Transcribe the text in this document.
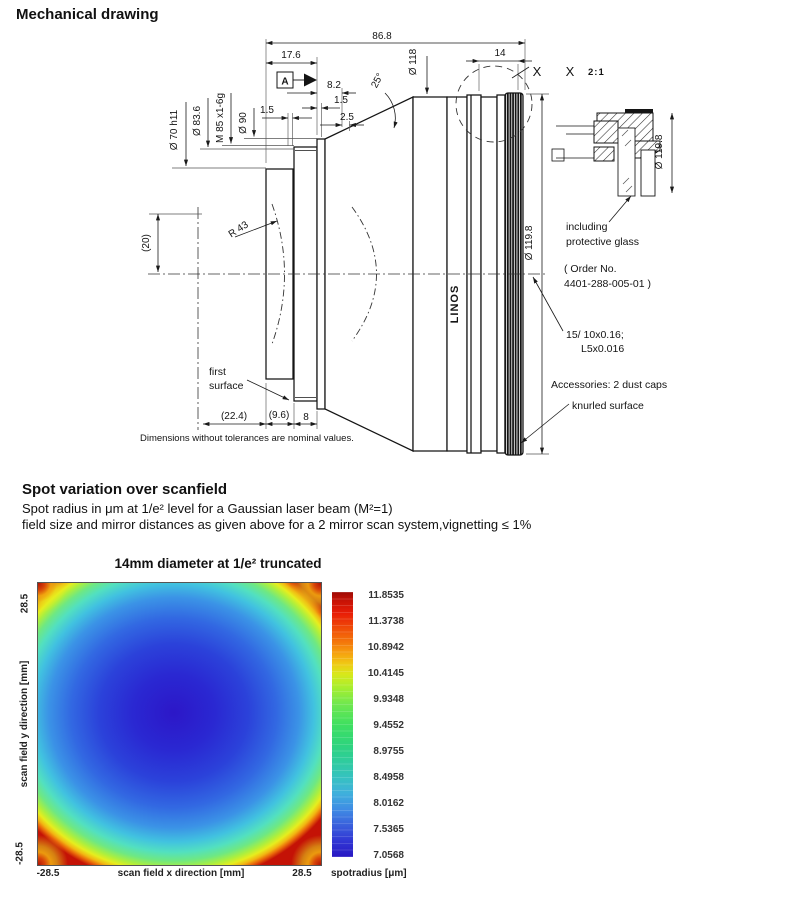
Mechanical drawing
A
86.8
17.6
8.2
1.5
1.5
2.5
25°
Ø 118	14
X X 2:1
Ø 119.8
Ø 119.8
Ø 70 h11 Ø 83.6 M 85 x1-6g Ø 90
(20)
R 43
LINOS
first
surface
including
protective glass
( Order No.
4401-288-005-01 )
15/ 10x0.16;
L5x0.016
Accessories: 2 dust caps
knurled surface
(22.4) (9.6) 8
Dimensions without tolerances are nominal values.
Spot variation over scanfield
Spot radius in μm at 1/e² level for a Gaussian laser beam (M²=1)
field size and mirror distances as given above for a 2 mirror scan system,vignetting ≤ 1%
14mm diameter at 1/e² truncated
28.5
-28.5
scan field y direction [mm]
-28.5	28.5
scan field x direction [mm]
11.8535
11.3738
10.8942
10.4145
9.9348
9.4552
8.9755
8.4958
8.0162
7.5365
7.0568
spotradius [μm]
